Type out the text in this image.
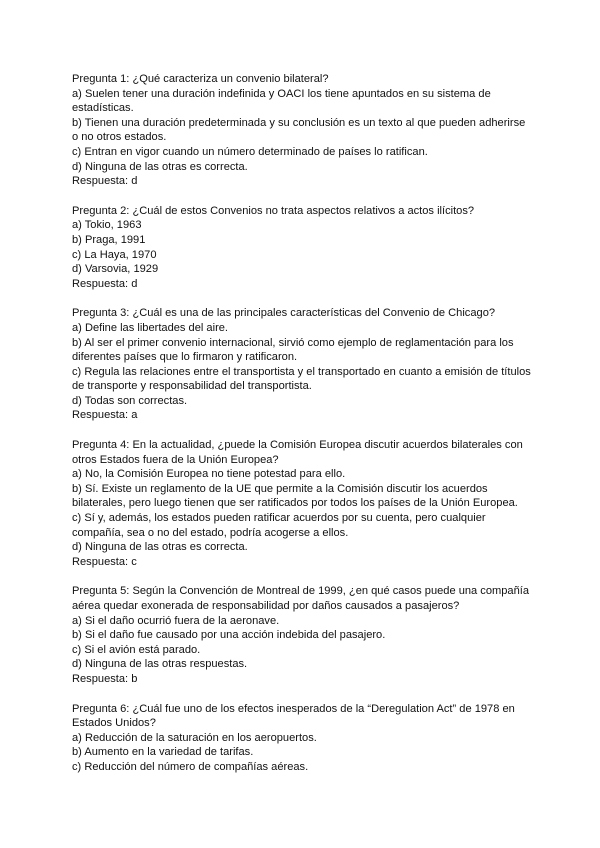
Pregunta 1: ¿Qué caracteriza un convenio bilateral?
a) Suelen tener una duración indefinida y OACI los tiene apuntados en su sistema de estadísticas.
b) Tienen una duración predeterminada y su conclusión es un texto al que pueden adherirse o no otros estados.
c) Entran en vigor cuando un número determinado de países lo ratifican.
d) Ninguna de las otras es correcta.
Respuesta: d
Pregunta 2: ¿Cuál de estos Convenios no trata aspectos relativos a actos ilícitos?
a) Tokio, 1963
b) Praga, 1991
c) La Haya, 1970
d) Varsovia, 1929
Respuesta: d
Pregunta 3: ¿Cuál es una de las principales características del Convenio de Chicago?
a) Define las libertades del aire.
b) Al ser el primer convenio internacional, sirvió como ejemplo de reglamentación para los diferentes países que lo firmaron y ratificaron.
c) Regula las relaciones entre el transportista y el transportado en cuanto a emisión de títulos de transporte y responsabilidad del transportista.
d) Todas son correctas.
Respuesta: a
Pregunta 4: En la actualidad, ¿puede la Comisión Europea discutir acuerdos bilaterales con otros Estados fuera de la Unión Europea?
a) No, la Comisión Europea no tiene potestad para ello.
b) Sí. Existe un reglamento de la UE que permite a la Comisión discutir los acuerdos bilaterales, pero luego tienen que ser ratificados por todos los países de la Unión Europea.
c) Sí y, además, los estados pueden ratificar acuerdos por su cuenta, pero cualquier compañía, sea o no del estado, podría acogerse a ellos.
d) Ninguna de las otras es correcta.
Respuesta: c
Pregunta 5: Según la Convención de Montreal de 1999, ¿en qué casos puede una compañía aérea quedar exonerada de responsabilidad por daños causados a pasajeros?
a) Si el daño ocurrió fuera de la aeronave.
b) Si el daño fue causado por una acción indebida del pasajero.
c) Si el avión está parado.
d) Ninguna de las otras respuestas.
Respuesta: b
Pregunta 6: ¿Cuál fue uno de los efectos inesperados de la “Deregulation Act” de 1978 en Estados Unidos?
a) Reducción de la saturación en los aeropuertos.
b) Aumento en la variedad de tarifas.
c) Reducción del número de compañías aéreas.
